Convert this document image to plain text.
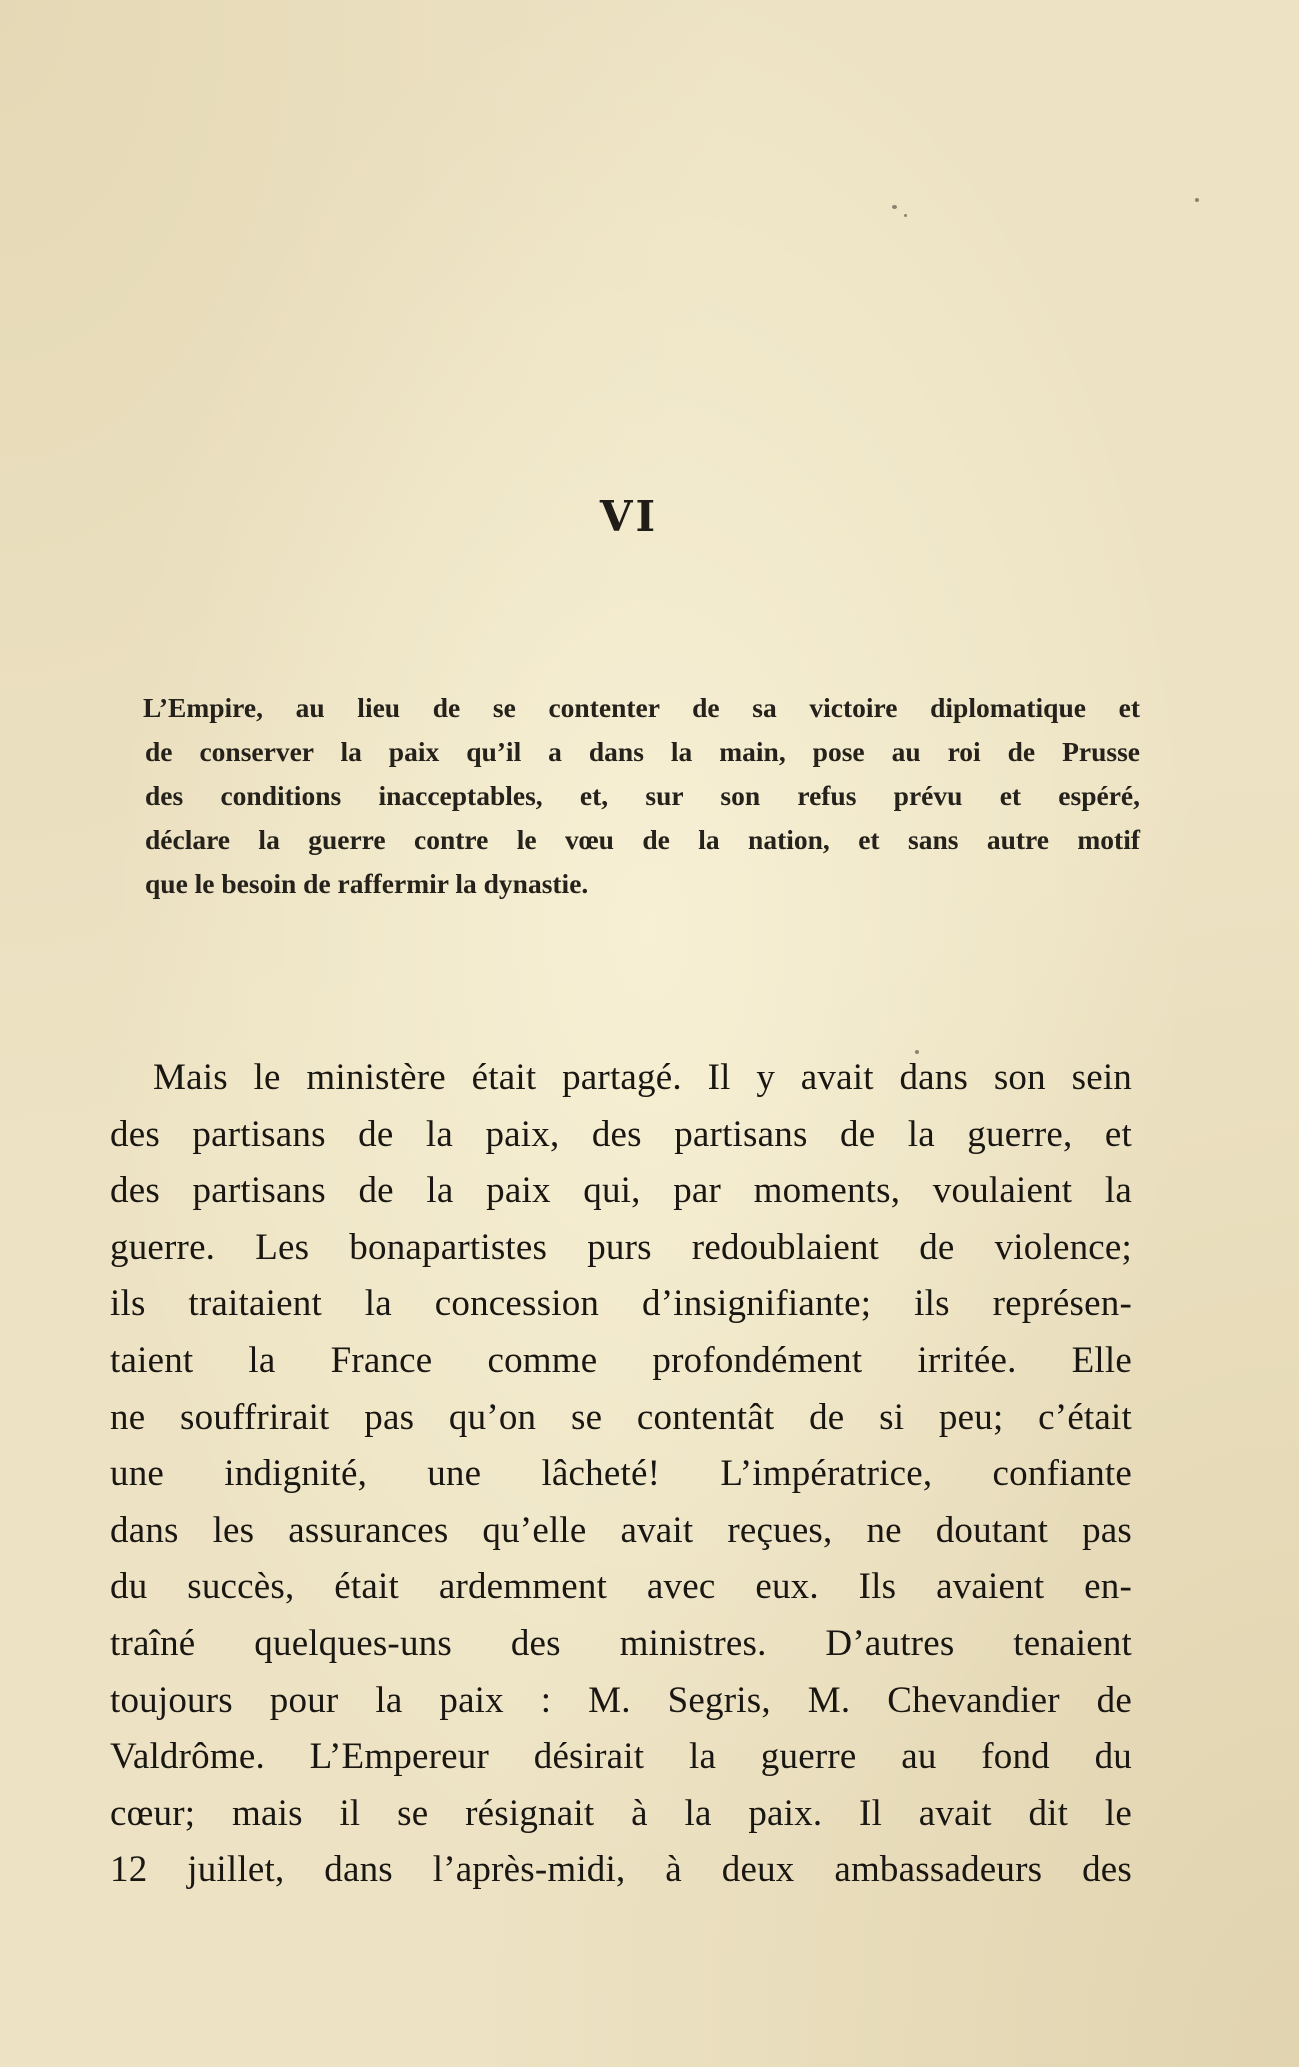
VI
L’Empire, au lieu de se contenter de sa victoire diplomatique et
de conserver la paix qu’il a dans la main, pose au roi de Prusse
des conditions inacceptables, et, sur son refus prévu et espéré,
déclare la guerre contre le vœu de la nation, et sans autre motif
que le besoin de raffermir la dynastie.
Mais le ministère était partagé. Il y avait dans son sein
des partisans de la paix, des partisans de la guerre, et
des partisans de la paix qui, par moments, voulaient la
guerre. Les bonapartistes purs redoublaient de violence;
ils traitaient la concession d’insignifiante; ils représen-
taient la France comme profondément irritée. Elle
ne souffrirait pas qu’on se contentât de si peu; c’était
une indignité, une lâcheté! L’impératrice, confiante
dans les assurances qu’elle avait reçues, ne doutant pas
du succès, était ardemment avec eux. Ils avaient en-
traîné quelques-uns des ministres. D’autres tenaient
toujours pour la paix : M. Segris, M. Chevandier de
Valdrôme. L’Empereur désirait la guerre au fond du
cœur; mais il se résignait à la paix. Il avait dit le
12 juillet, dans l’après-midi, à deux ambassadeurs des
